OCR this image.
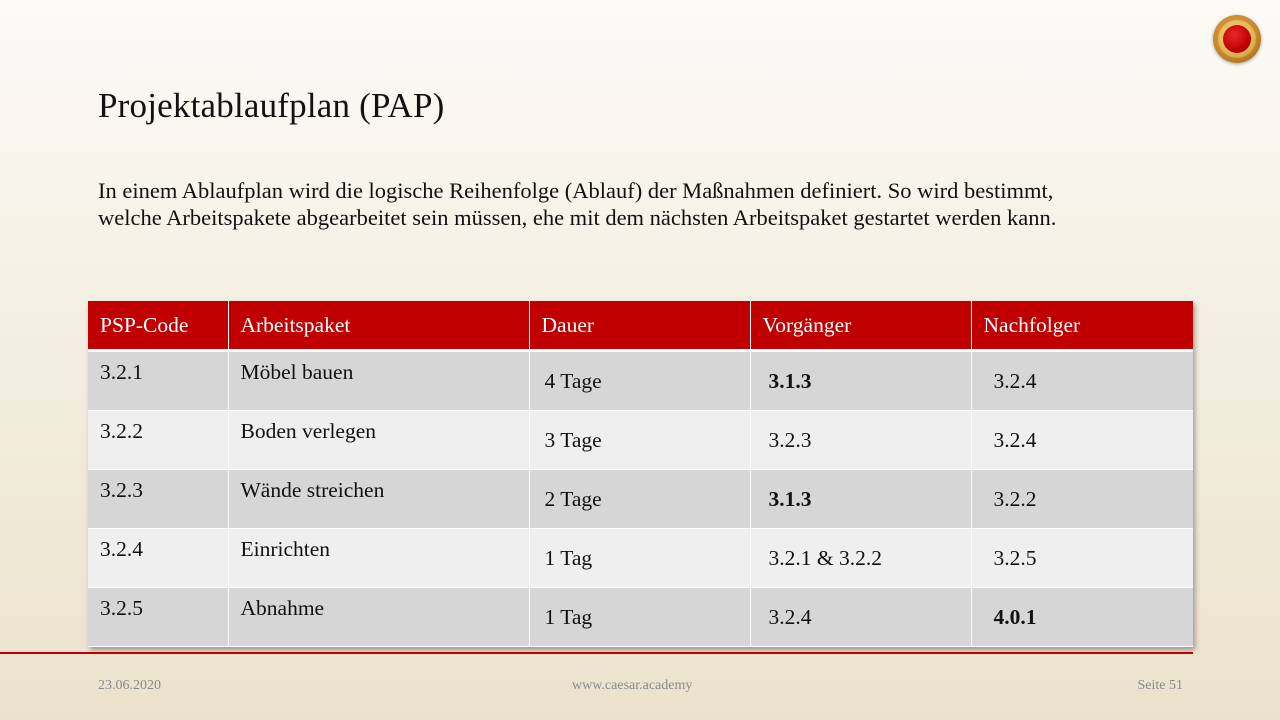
Projektablaufplan (PAP)

In einem Ablaufplan wird die logische Reihenfolge (Ablauf) der Maßnahmen definiert. So wird bestimmt, welche Arbeitspakete abgearbeitet sein müssen, ehe mit dem nächsten Arbeitspaket gestartet werden kann.

PSP-Code	Arbeitspaket	Dauer	Vorgänger	Nachfolger
3.2.1	Möbel bauen	4 Tage	3.1.3	3.2.4
3.2.2	Boden verlegen	3 Tage	3.2.3	3.2.4
3.2.3	Wände streichen	2 Tage	3.1.3	3.2.2
3.2.4	Einrichten	1 Tag	3.2.1 & 3.2.2	3.2.5
3.2.5	Abnahme	1 Tag	3.2.4	4.0.1
23.06.2020	www.caesar.academy	Seite 51
